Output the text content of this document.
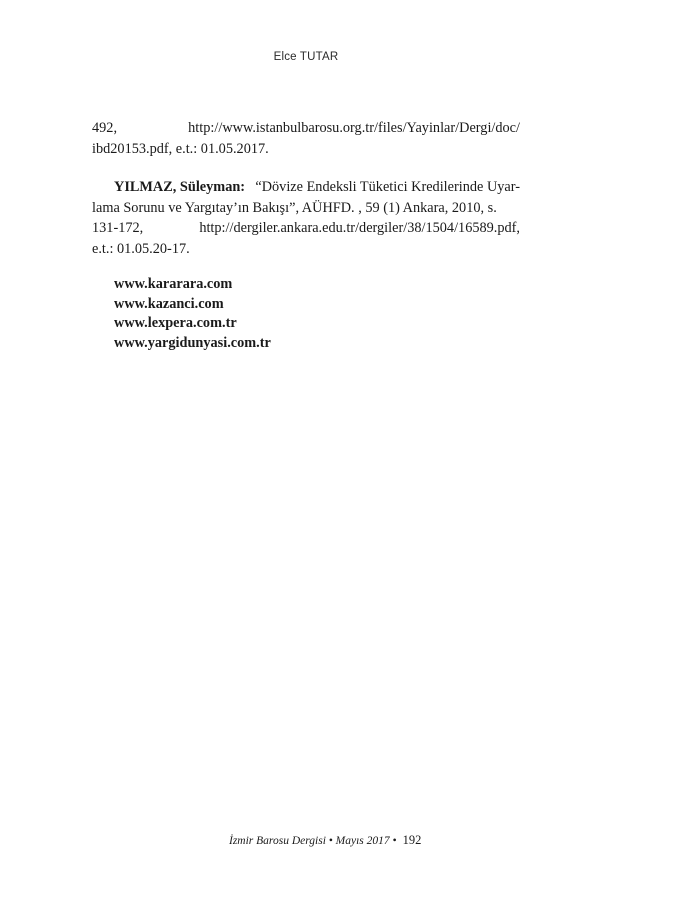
Elce TUTAR
492,	http://www.istanbulbarosu.org.tr/files/Yayinlar/Dergi/doc/
ibd20153.pdf, e.t.: 01.05.2017.
YILMAZ, Süleyman: “Dövize Endeksli Tüketici Kredilerinde Uyar-
lama Sorunu ve Yargıtay’ın Bakışı”, AÜHFD. , 59 (1) Ankara, 2010, s.
131-172,	http://dergiler.ankara.edu.tr/dergiler/38/1504/16589.pdf,
e.t.: 01.05.20-17.
www.kararara.com
www.kazanci.com
www.lexpera.com.tr
www.yargidunyasi.com.tr
İzmir Barosu Dergisi • Mayıs 2017 • 192
